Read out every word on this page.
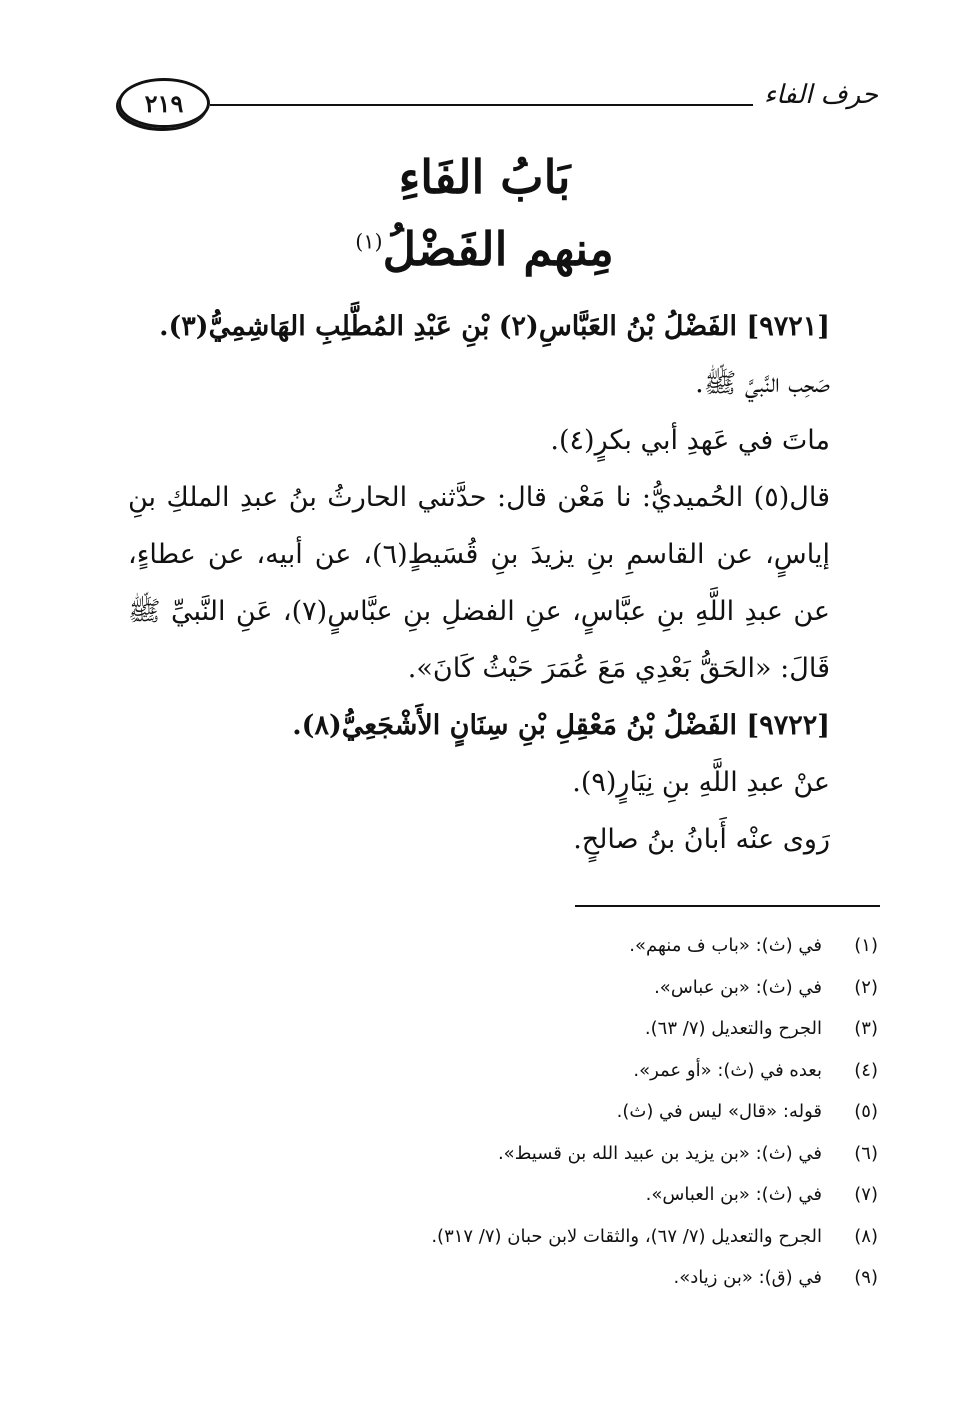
٢١٩	حرف الفاء
بَابُ الفَاءِ
مِنهم الفَضْلُ$^{(١)}$

[٩٧٢١] الفَضْلُ بْنُ العَبَّاسِ(٢) بْنِ عَبْدِ المُطَّلِبِ الهَاشِمِيُّ(٣).

صَحِب النَّبيَّ ﷺ.

ماتَ في عَهدِ أبي بكرٍ(٤).

قال(٥) الحُميديُّ: نا مَعْن قال: حدَّثني الحارثُ بنُ عبدِ الملكِ بنِ إياسٍ، عن القاسمِ بنِ يزيدَ بنِ قُسَيطٍ(٦)، عن أبيه، عن عطاءٍ، عن عبدِ اللَّهِ بنِ عبَّاسٍ، عنِ الفضلِ بنِ عبَّاسٍ(٧)، عَنِ النَّبيِّ ﷺ قَالَ: «الحَقُّ بَعْدِي مَعَ عُمَرَ حَيْثُ كَانَ».

[٩٧٢٢] الفَضْلُ بْنُ مَعْقِلِ بْنِ سِنَانٍ الأَشْجَعِيُّ(٨).

عنْ عبدِ اللَّهِ بنِ نِيَارٍ(٩).

رَوى عنْه أَبانُ بنُ صالحٍ.

(١)في (ث): «باب ف منهم».
(٢)في (ث): «بن عباس».
(٣)الجرح والتعديل (٧/ ٦٣).
(٤)بعده في (ث): «أو عمر».
(٥)قوله: «قال» ليس في (ث).
(٦)في (ث): «بن يزيد بن عبيد الله بن قسيط».
(٧)في (ث): «بن العباس».
(٨)الجرح والتعديل (٧/ ٦٧)، والثقات لابن حبان (٧/ ٣١٧).
(٩)في (ق): «بن زياد».
